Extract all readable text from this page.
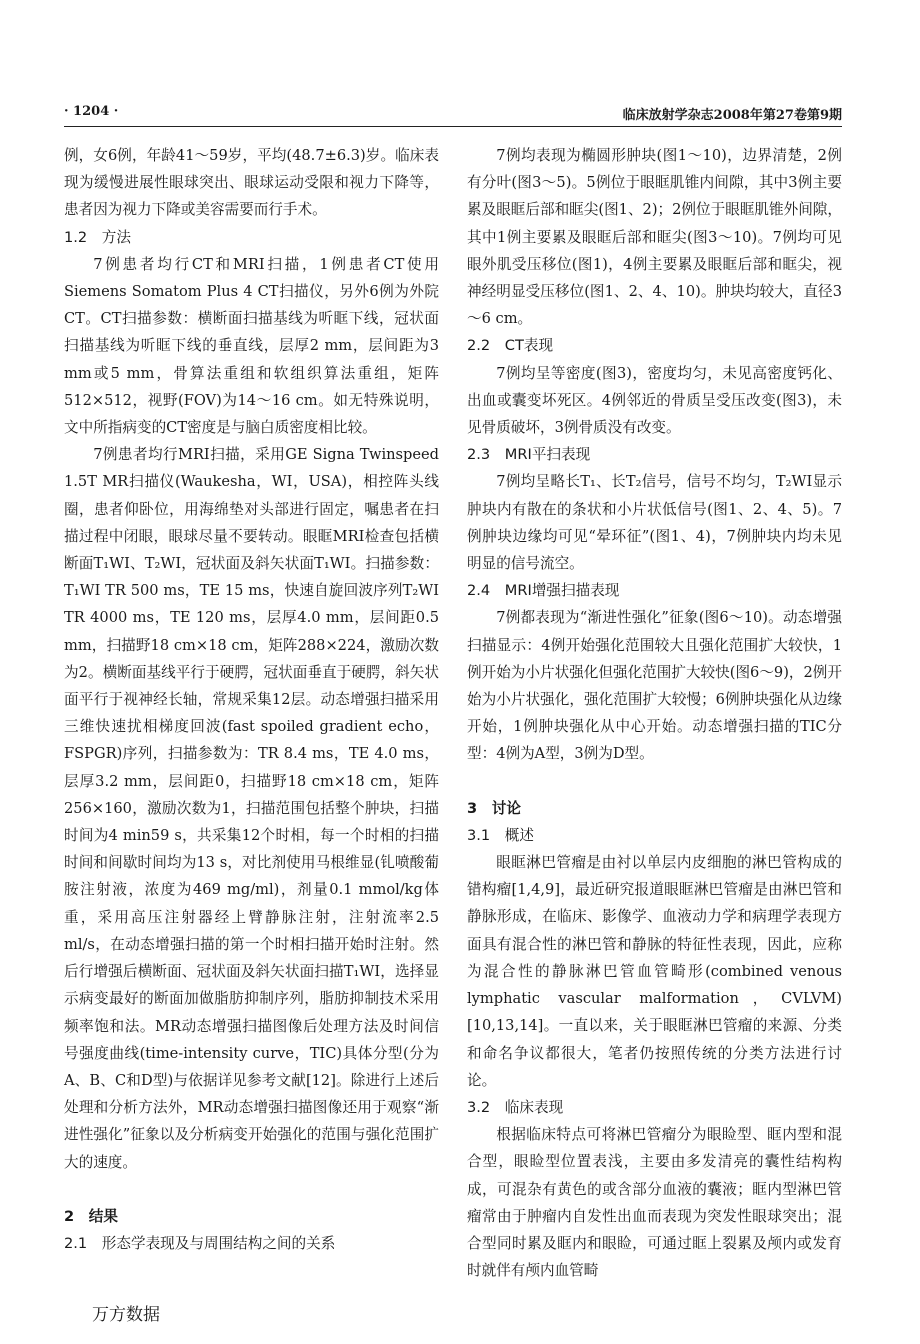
· 1204 ·	临床放射学杂志2008年第27卷第9期

例，女6例，年龄41～59岁，平均(48.7±6.3)岁。临床表现为缓慢进展性眼球突出、眼球运动受限和视力下降等，患者因为视力下降或美容需要而行手术。

1.2　方法

7例患者均行CT和MRI扫描，1例患者CT使用Siemens Somatom Plus 4 CT扫描仪，另外6例为外院CT。CT扫描参数：横断面扫描基线为听眶下线，冠状面扫描基线为听眶下线的垂直线，层厚2 mm，层间距为3 mm或5 mm，骨算法重组和软组织算法重组，矩阵512×512，视野(FOV)为14～16 cm。如无特殊说明，文中所指病变的CT密度是与脑白质密度相比较。

7例患者均行MRI扫描，采用GE Signa Twinspeed 1.5T MR扫描仪(Waukesha，WI，USA)，相控阵头线圈，患者仰卧位，用海绵垫对头部进行固定，嘱患者在扫描过程中闭眼，眼球尽量不要转动。眼眶MRI检查包括横断面T₁WI、T₂WI，冠状面及斜矢状面T₁WI。扫描参数：T₁WI TR 500 ms，TE 15 ms，快速自旋回波序列T₂WI TR 4000 ms，TE 120 ms，层厚4.0 mm，层间距0.5 mm，扫描野18 cm×18 cm，矩阵288×224，激励次数为2。横断面基线平行于硬腭，冠状面垂直于硬腭，斜矢状面平行于视神经长轴，常规采集12层。动态增强扫描采用三维快速扰相梯度回波(fast spoiled gradient echo，FSPGR)序列，扫描参数为：TR 8.4 ms，TE 4.0 ms，层厚3.2 mm，层间距0，扫描野18 cm×18 cm，矩阵256×160，激励次数为1，扫描范围包括整个肿块，扫描时间为4 min59 s，共采集12个时相，每一个时相的扫描时间和间歇时间均为13 s，对比剂使用马根维显(钆喷酸葡胺注射液，浓度为469 mg/ml)，剂量0.1 mmol/kg体重，采用高压注射器经上臂静脉注射，注射流率2.5 ml/s，在动态增强扫描的第一个时相扫描开始时注射。然后行增强后横断面、冠状面及斜矢状面扫描T₁WI，选择显示病变最好的断面加做脂肪抑制序列，脂肪抑制技术采用频率饱和法。MR动态增强扫描图像后处理方法及时间信号强度曲线(time-intensity curve，TIC)具体分型(分为A、B、C和D型)与依据详见参考文献[12]。除进行上述后处理和分析方法外，MR动态增强扫描图像还用于观察“渐进性强化”征象以及分析病变开始强化的范围与强化范围扩大的速度。

2　结果

2.1　形态学表现及与周围结构之间的关系

7例均表现为椭圆形肿块(图1～10)，边界清楚，2例有分叶(图3～5)。5例位于眼眶肌锥内间隙，其中3例主要累及眼眶后部和眶尖(图1、2)；2例位于眼眶肌锥外间隙，其中1例主要累及眼眶后部和眶尖(图3～10)。7例均可见眼外肌受压移位(图1)，4例主要累及眼眶后部和眶尖，视神经明显受压移位(图1、2、4、10)。肿块均较大，直径3～6 cm。

2.2　CT表现

7例均呈等密度(图3)，密度均匀，未见高密度钙化、出血或囊变坏死区。4例邻近的骨质呈受压改变(图3)，未见骨质破坏，3例骨质没有改变。

2.3　MRI平扫表现

7例均呈略长T₁、长T₂信号，信号不均匀，T₂WI显示肿块内有散在的条状和小片状低信号(图1、2、4、5)。7例肿块边缘均可见“晕环征”(图1、4)，7例肿块内均未见明显的信号流空。

2.4　MRI增强扫描表现

7例都表现为“渐进性强化”征象(图6～10)。动态增强扫描显示：4例开始强化范围较大且强化范围扩大较快，1例开始为小片状强化但强化范围扩大较快(图6～9)，2例开始为小片状强化，强化范围扩大较慢；6例肿块强化从边缘开始，1例肿块强化从中心开始。动态增强扫描的TIC分型：4例为A型，3例为D型。

3　讨论

3.1　概述

眼眶淋巴管瘤是由衬以单层内皮细胞的淋巴管构成的错构瘤[1,4,9]，最近研究报道眼眶淋巴管瘤是由淋巴管和静脉形成，在临床、影像学、血液动力学和病理学表现方面具有混合性的淋巴管和静脉的特征性表现，因此，应称为混合性的静脉淋巴管血管畸形(combined venous lymphatic vascular malformation，CVLVM)[10,13,14]。一直以来，关于眼眶淋巴管瘤的来源、分类和命名争议都很大，笔者仍按照传统的分类方法进行讨论。

3.2　临床表现

根据临床特点可将淋巴管瘤分为眼睑型、眶内型和混合型，眼睑型位置表浅，主要由多发清亮的囊性结构构成，可混杂有黄色的或含部分血液的囊液；眶内型淋巴管瘤常由于肿瘤内自发性出血而表现为突发性眼球突出；混合型同时累及眶内和眼睑，可通过眶上裂累及颅内或发育时就伴有颅内血管畸

万方数据
